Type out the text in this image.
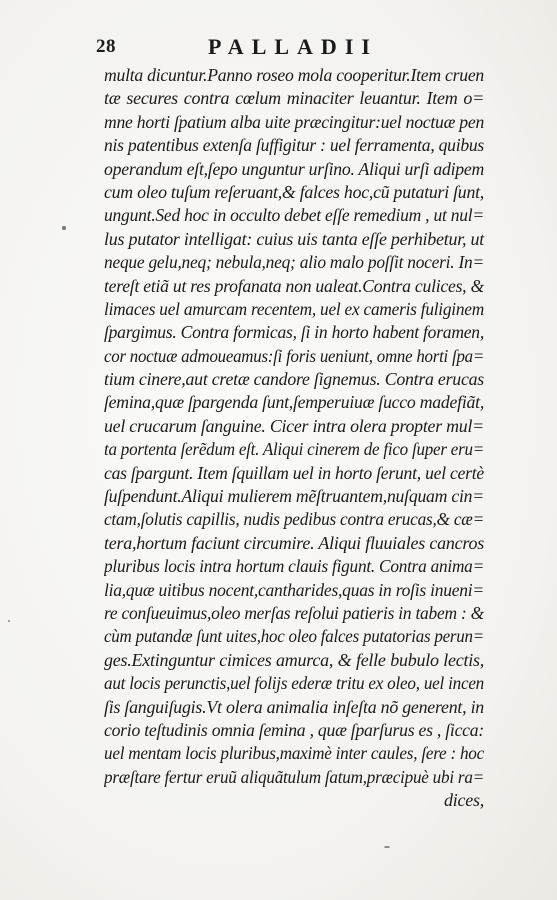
28	PALLADII
multa dicuntur.Panno roseo mola cooperitur.Item cruen
tæ secures contra cœlum minaciter leuantur. Item o=
mne horti ſpatium alba uite præcingitur:uel noctuæ pen
nis patentibus extenſa ſuffigitur : uel ferramenta, quibus
operandum eſt,ſepo unguntur urſino. Aliqui urſi adipem
cum oleo tuſum reſeruant,& falces hoc,cũ putaturi ſunt,
ungunt.Sed hoc in occulto debet eſſe remedium , ut nul=
lus putator intelligat: cuius uis tanta eſſe perhibetur, ut
neque gelu,neq; nebula,neq; alio malo poſſit noceri. In=
tereſt etiã ut res profanata non ualeat.Contra culices, &
limaces uel amurcam recentem, uel ex cameris fuliginem
ſpargimus. Contra formicas, ſi in horto habent foramen,
cor noctuæ admoueamus:ſi foris ueniunt, omne horti ſpa=
tium cinere,aut cretæ candore ſignemus. Contra erucas
ſemina,quæ ſpargenda ſunt,ſemperuiuæ ſucco madefiãt,
uel crucarum ſanguine. Cicer intra olera propter mul=
ta portenta ſerẽdum eſt. Aliqui cinerem de fico ſuper eru=
cas ſpargunt. Item ſquillam uel in horto ſerunt, uel certè
ſuſpendunt.Aliqui mulierem mẽſtruantem,nuſquam cin=
ctam,ſolutis capillis, nudis pedibus contra erucas,& cæ=
tera,hortum faciunt circumire. Aliqui fluuiales cancros
pluribus locis intra hortum clauis figunt. Contra anima=
lia,quæ uitibus nocent,cantharides,quas in roſis inueni=
re conſueuimus,oleo merſas reſolui patieris in tabem : &
cùm putandæ ſunt uites,hoc oleo falces putatorias perun=
ges.Extinguntur cimices amurca, & felle bubulo lectis,
aut locis perunctis,uel folijs ederæ tritu ex oleo, uel incen
ſis ſanguiſugis.Vt olera animalia inſeſta nõ generent, in
corio teſtudinis omnia ſemina , quæ ſparſurus es , ſicca:
uel mentam locis pluribus,maximè inter caules, ſere : hoc
præſtare fertur eruũ aliquãtulum ſatum,præcipuè ubi ra=
dices,
